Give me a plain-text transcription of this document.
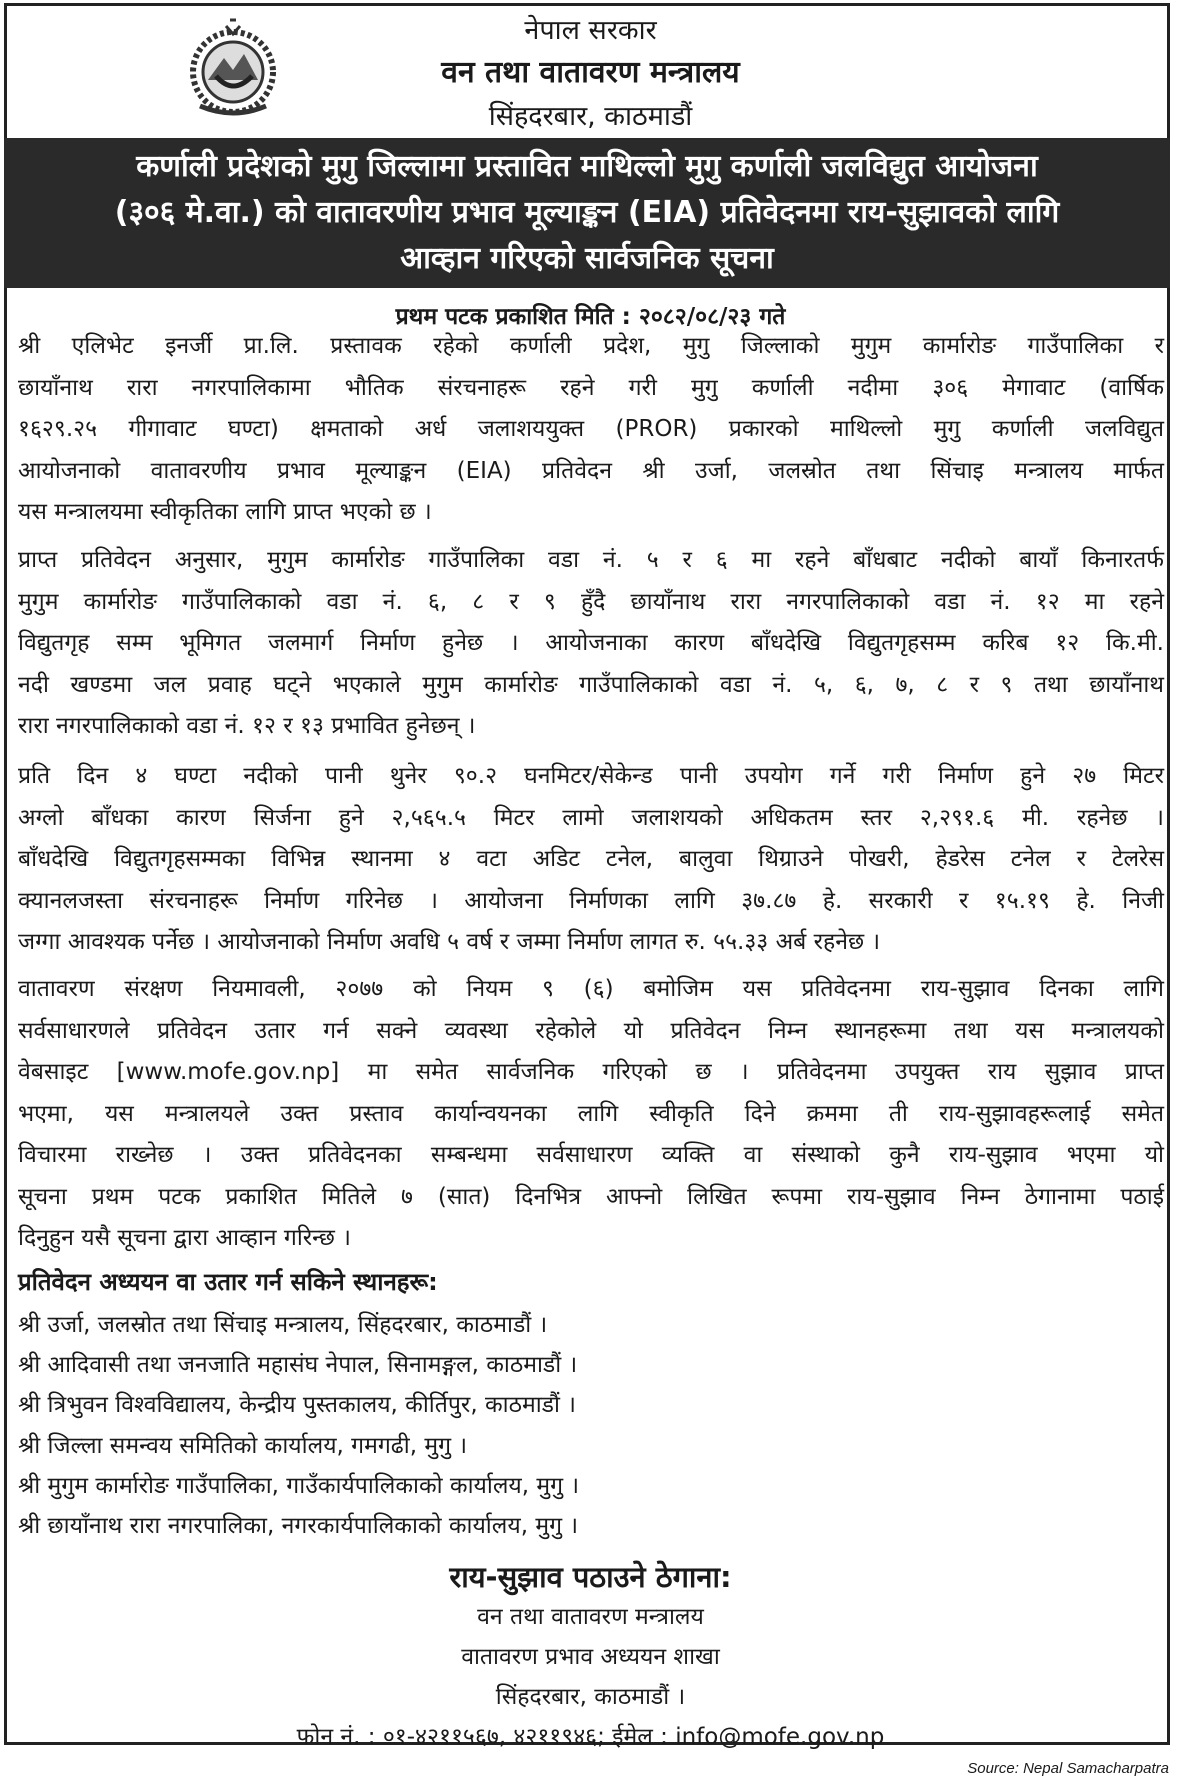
नेपाल सरकार
वन तथा वातावरण मन्त्रालय
सिंहदरबार, काठमाडौं
कर्णाली प्रदेशको मुगु जिल्लामा प्रस्तावित माथिल्लो मुगु कर्णाली जलविद्युत आयोजना
(३०६ मे.वा.) को वातावरणीय प्रभाव मूल्याङ्कन (EIA) प्रतिवेदनमा राय-सुझावको लागि
आव्हान गरिएको सार्वजनिक सूचना
प्रथम पटक प्रकाशित मिति : २०८२/०८/२३ गते
श्री एलिभेट इनर्जी प्रा.लि. प्रस्तावक रहेको कर्णाली प्रदेश, मुगु जिल्लाको मुगुम कार्मारोङ गाउँपालिका र
छायाँनाथ रारा नगरपालिकामा भौतिक संरचनाहरू रहने गरी मुगु कर्णाली नदीमा ३०६ मेगावाट (वार्षिक
१६२९.२५ गीगावाट घण्टा) क्षमताको अर्ध जलाशययुक्त (PROR) प्रकारको माथिल्लो मुगु कर्णाली जलविद्युत
आयोजनाको वातावरणीय प्रभाव मूल्याङ्कन (EIA) प्रतिवेदन श्री उर्जा, जलस्रोत तथा सिंचाइ मन्त्रालय मार्फत
यस मन्त्रालयमा स्वीकृतिका लागि प्राप्त भएको छ ।
प्राप्त प्रतिवेदन अनुसार, मुगुम कार्मारोङ गाउँपालिका वडा नं. ५ र ६ मा रहने बाँधबाट नदीको बायाँ किनारतर्फ
मुगुम कार्मारोङ गाउँपालिकाको वडा नं. ६, ८ र ९ हुँदै छायाँनाथ रारा नगरपालिकाको वडा नं. १२ मा रहने
विद्युतगृह सम्म भूमिगत जलमार्ग निर्माण हुनेछ । आयोजनाका कारण बाँधदेखि विद्युतगृहसम्म करिब १२ कि.मी.
नदी खण्डमा जल प्रवाह घट्ने भएकाले मुगुम कार्मारोङ गाउँपालिकाको वडा नं. ५, ६, ७, ८ र ९ तथा छायाँनाथ
रारा नगरपालिकाको वडा नं. १२ र १३ प्रभावित हुनेछन् ।
प्रति दिन ४ घण्टा नदीको पानी थुनेर ९०.२ घनमिटर/सेकेन्ड पानी उपयोग गर्ने गरी निर्माण हुने २७ मिटर
अग्लो बाँधका कारण सिर्जना हुने २,५६५.५ मिटर लामो जलाशयको अधिकतम स्तर २,२९१.६ मी. रहनेछ ।
बाँधदेखि विद्युतगृहसम्मका विभिन्न स्थानमा ४ वटा अडिट टनेल, बालुवा थिग्राउने पोखरी, हेडरेस टनेल र टेलरेस
क्यानलजस्ता संरचनाहरू निर्माण गरिनेछ । आयोजना निर्माणका लागि ३७.८७ हे. सरकारी र १५.१९ हे. निजी
जग्गा आवश्यक पर्नेछ । आयोजनाको निर्माण अवधि ५ वर्ष र जम्मा निर्माण लागत रु. ५५.३३ अर्ब रहनेछ ।
वातावरण संरक्षण नियमावली, २०७७ को नियम ९ (६) बमोजिम यस प्रतिवेदनमा राय-सुझाव दिनका लागि
सर्वसाधारणले प्रतिवेदन उतार गर्न सक्ने व्यवस्था रहेकोले यो प्रतिवेदन निम्न स्थानहरूमा तथा यस मन्त्रालयको
वेबसाइट [www.mofe.gov.np] मा समेत सार्वजनिक गरिएको छ । प्रतिवेदनमा उपयुक्त राय सुझाव प्राप्त
भएमा, यस मन्त्रालयले उक्त प्रस्ताव कार्यान्वयनका लागि स्वीकृति दिने क्रममा ती राय-सुझावहरूलाई समेत
विचारमा राख्नेछ । उक्त प्रतिवेदनका सम्बन्धमा सर्वसाधारण व्यक्ति वा संस्थाको कुनै राय-सुझाव भएमा यो
सूचना प्रथम पटक प्रकाशित मितिले ७ (सात) दिनभित्र आफ्नो लिखित रूपमा राय-सुझाव निम्न ठेगानामा पठाई
दिनुहुन यसै सूचना द्वारा आव्हान गरिन्छ ।
प्रतिवेदन अध्ययन वा उतार गर्न सकिने स्थानहरू:
श्री उर्जा, जलस्रोत तथा सिंचाइ मन्त्रालय, सिंहदरबार, काठमाडौं ।
श्री आदिवासी तथा जनजाति महासंघ नेपाल, सिनामङ्गल, काठमाडौं ।
श्री त्रिभुवन विश्वविद्यालय, केन्द्रीय पुस्तकालय, कीर्तिपुर, काठमाडौं ।
श्री जिल्ला समन्वय समितिको कार्यालय, गमगढी, मुगु ।
श्री मुगुम कार्मारोङ गाउँपालिका, गाउँकार्यपालिकाको कार्यालय, मुगु ।
श्री छायाँनाथ रारा नगरपालिका, नगरकार्यपालिकाको कार्यालय, मुगु ।
राय-सुझाव पठाउने ठेगाना:
वन तथा वातावरण मन्त्रालय
वातावरण प्रभाव अध्ययन शाखा
सिंहदरबार, काठमाडौं ।
फोन नं. : ०१-४२११५६७, ४२११९४६; ईमेल : info@mofe.gov.np
Source: Nepal Samacharpatra
